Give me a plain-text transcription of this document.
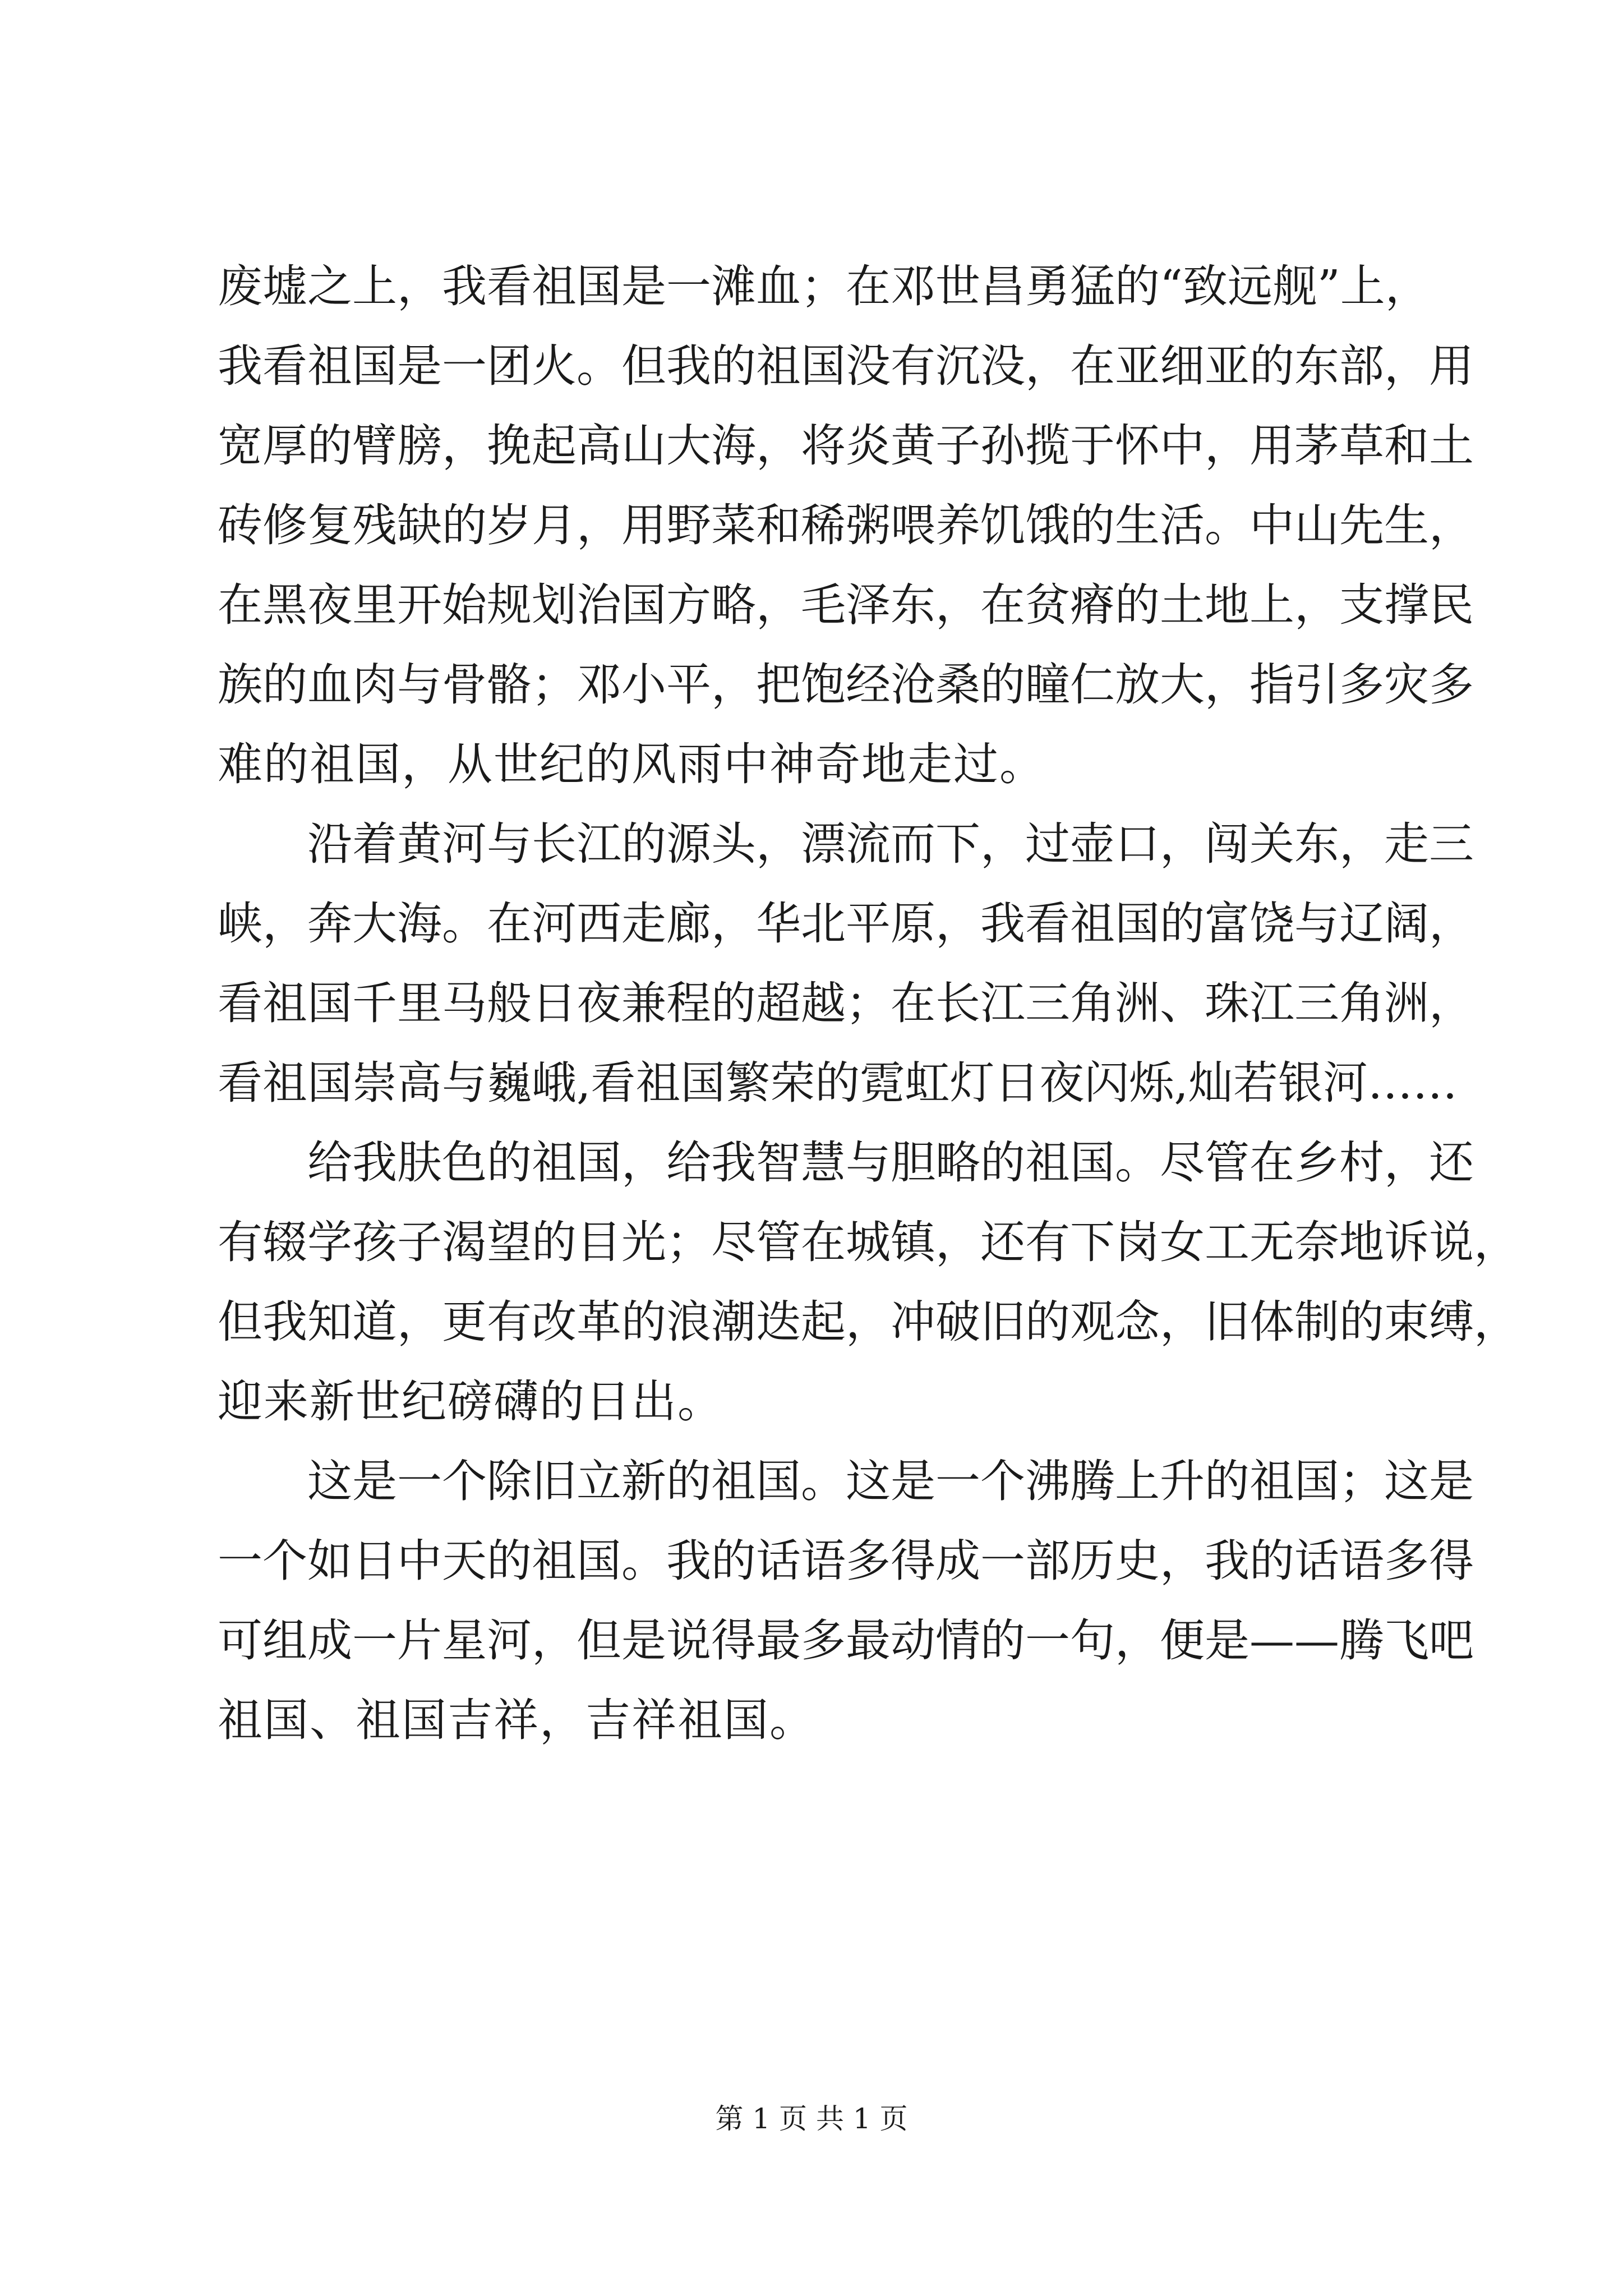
废墟之上，我看祖国是一滩血；在邓世昌勇猛的“致远舰”上，
我看祖国是一团火。但我的祖国没有沉没，在亚细亚的东部，用
宽厚的臂膀，挽起高山大海，将炎黄子孙揽于怀中，用茅草和土
砖修复残缺的岁月，用野菜和稀粥喂养饥饿的生活。中山先生，
在黑夜里开始规划治国方略，毛泽东，在贫瘠的土地上，支撑民
族的血肉与骨骼；邓小平，把饱经沧桑的瞳仁放大，指引多灾多
难的祖国，从世纪的风雨中神奇地走过。
沿着黄河与长江的源头，漂流而下，过壶口，闯关东，走三
峡，奔大海。在河西走廊，华北平原，我看祖国的富饶与辽阔，
看祖国千里马般日夜兼程的超越；在长江三角洲、珠江三角洲，
看祖国崇高与巍峨,看祖国繁荣的霓虹灯日夜闪烁,灿若银河……
给我肤色的祖国，给我智慧与胆略的祖国。尽管在乡村，还
有辍学孩子渴望的目光；尽管在城镇，还有下岗女工无奈地诉说，
但我知道，更有改革的浪潮迭起，冲破旧的观念，旧体制的束缚，
迎来新世纪磅礴的日出。
这是一个除旧立新的祖国。这是一个沸腾上升的祖国；这是
一个如日中天的祖国。我的话语多得成一部历史，我的话语多得
可组成一片星河，但是说得最多最动情的一句，便是——腾飞吧
祖国、祖国吉祥，吉祥祖国。
第 1 页 共 1 页
